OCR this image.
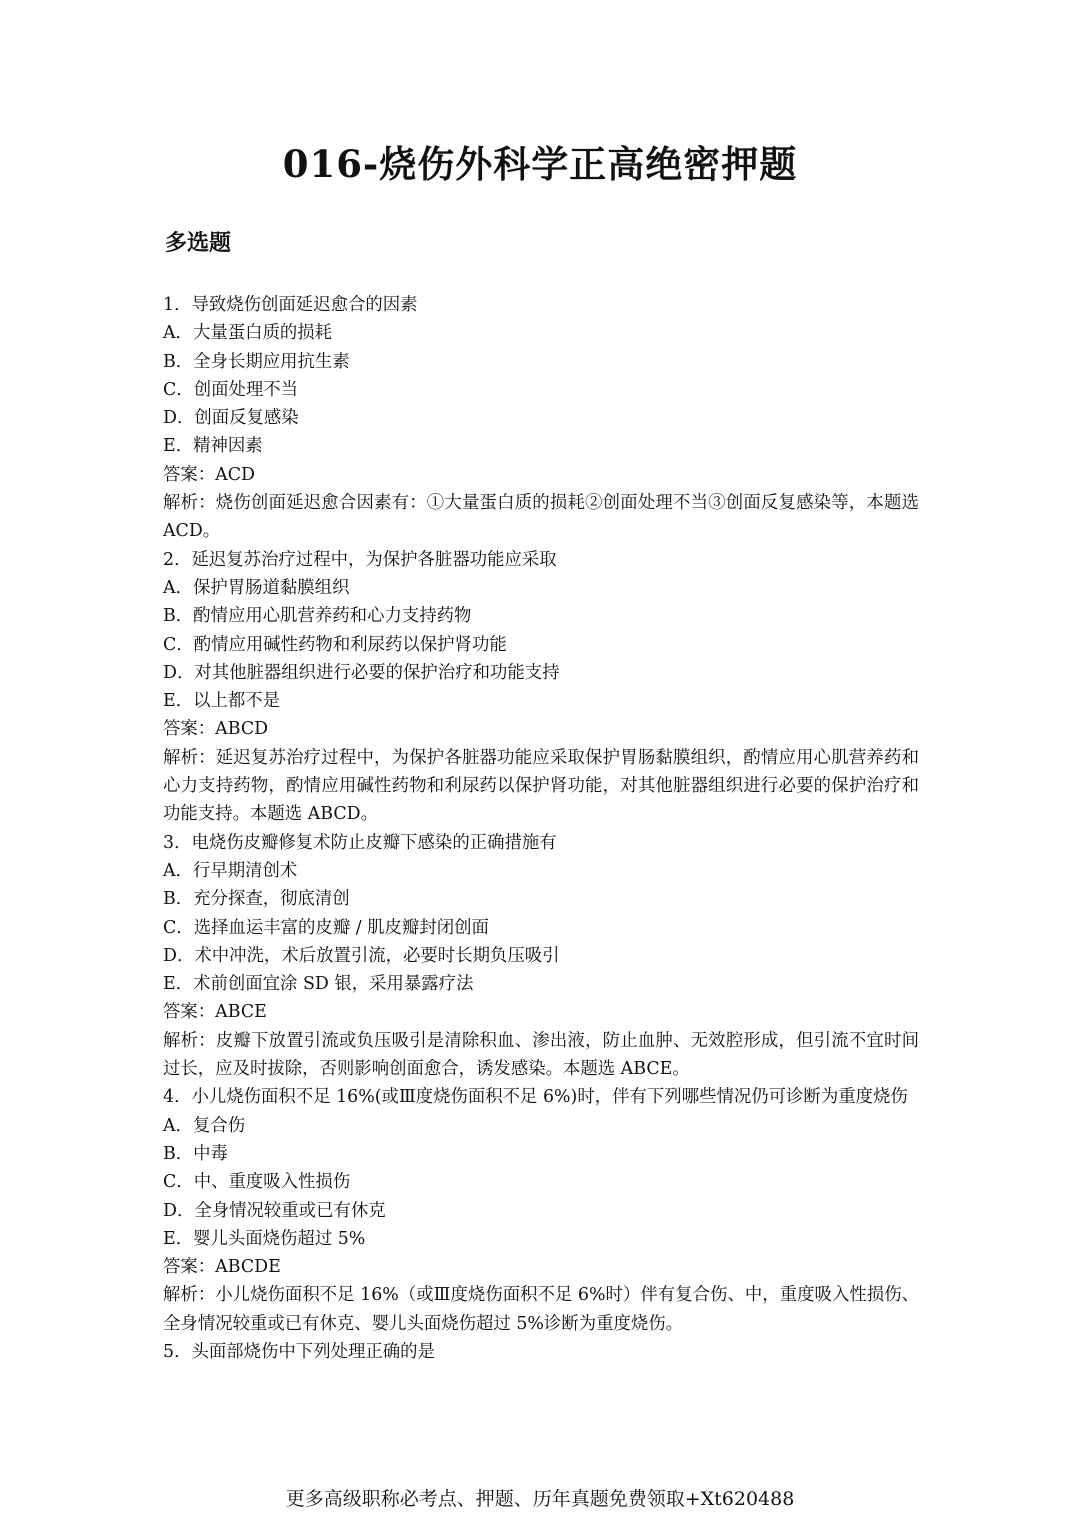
016-烧伤外科学正高绝密押题
多选题
1．导致烧伤创面延迟愈合的因素
A．大量蛋白质的损耗
B．全身长期应用抗生素
C．创面处理不当
D．创面反复感染
E．精神因素
答案：ACD
解析：烧伤创面延迟愈合因素有：①大量蛋白质的损耗②创面处理不当③创面反复感染等，本题选 ACD。
2．延迟复苏治疗过程中，为保护各脏器功能应采取
A．保护胃肠道黏膜组织
B．酌情应用心肌营养药和心力支持药物
C．酌情应用碱性药物和利尿药以保护肾功能
D．对其他脏器组织进行必要的保护治疗和功能支持
E．以上都不是
答案：ABCD
解析：延迟复苏治疗过程中，为保护各脏器功能应采取保护胃肠黏膜组织，酌情应用心肌营养药和心力支持药物，酌情应用碱性药物和利尿药以保护肾功能，对其他脏器组织进行必要的保护治疗和功能支持。本题选 ABCD。
3．电烧伤皮瓣修复术防止皮瓣下感染的正确措施有
A．行早期清创术
B．充分探查，彻底清创
C．选择血运丰富的皮瓣 / 肌皮瓣封闭创面
D．术中冲洗，术后放置引流，必要时长期负压吸引
E．术前创面宜涂 SD 银，采用暴露疗法
答案：ABCE
解析：皮瓣下放置引流或负压吸引是清除积血、渗出液，防止血肿、无效腔形成，但引流不宜时间过长，应及时拔除，否则影响创面愈合，诱发感染。本题选 ABCE。
4．小儿烧伤面积不足 16%(或Ⅲ度烧伤面积不足 6%)时，伴有下列哪些情况仍可诊断为重度烧伤
A．复合伤
B．中毒
C．中、重度吸入性损伤
D．全身情况较重或已有休克
E．婴儿头面烧伤超过 5%
答案：ABCDE
解析：小儿烧伤面积不足 16%（或Ⅲ度烧伤面积不足 6%时）伴有复合伤、中，重度吸入性损伤、全身情况较重或已有休克、婴儿头面烧伤超过 5%诊断为重度烧伤。
5．头面部烧伤中下列处理正确的是
更多高级职称必考点、押题、历年真题免费领取+Xt620488
